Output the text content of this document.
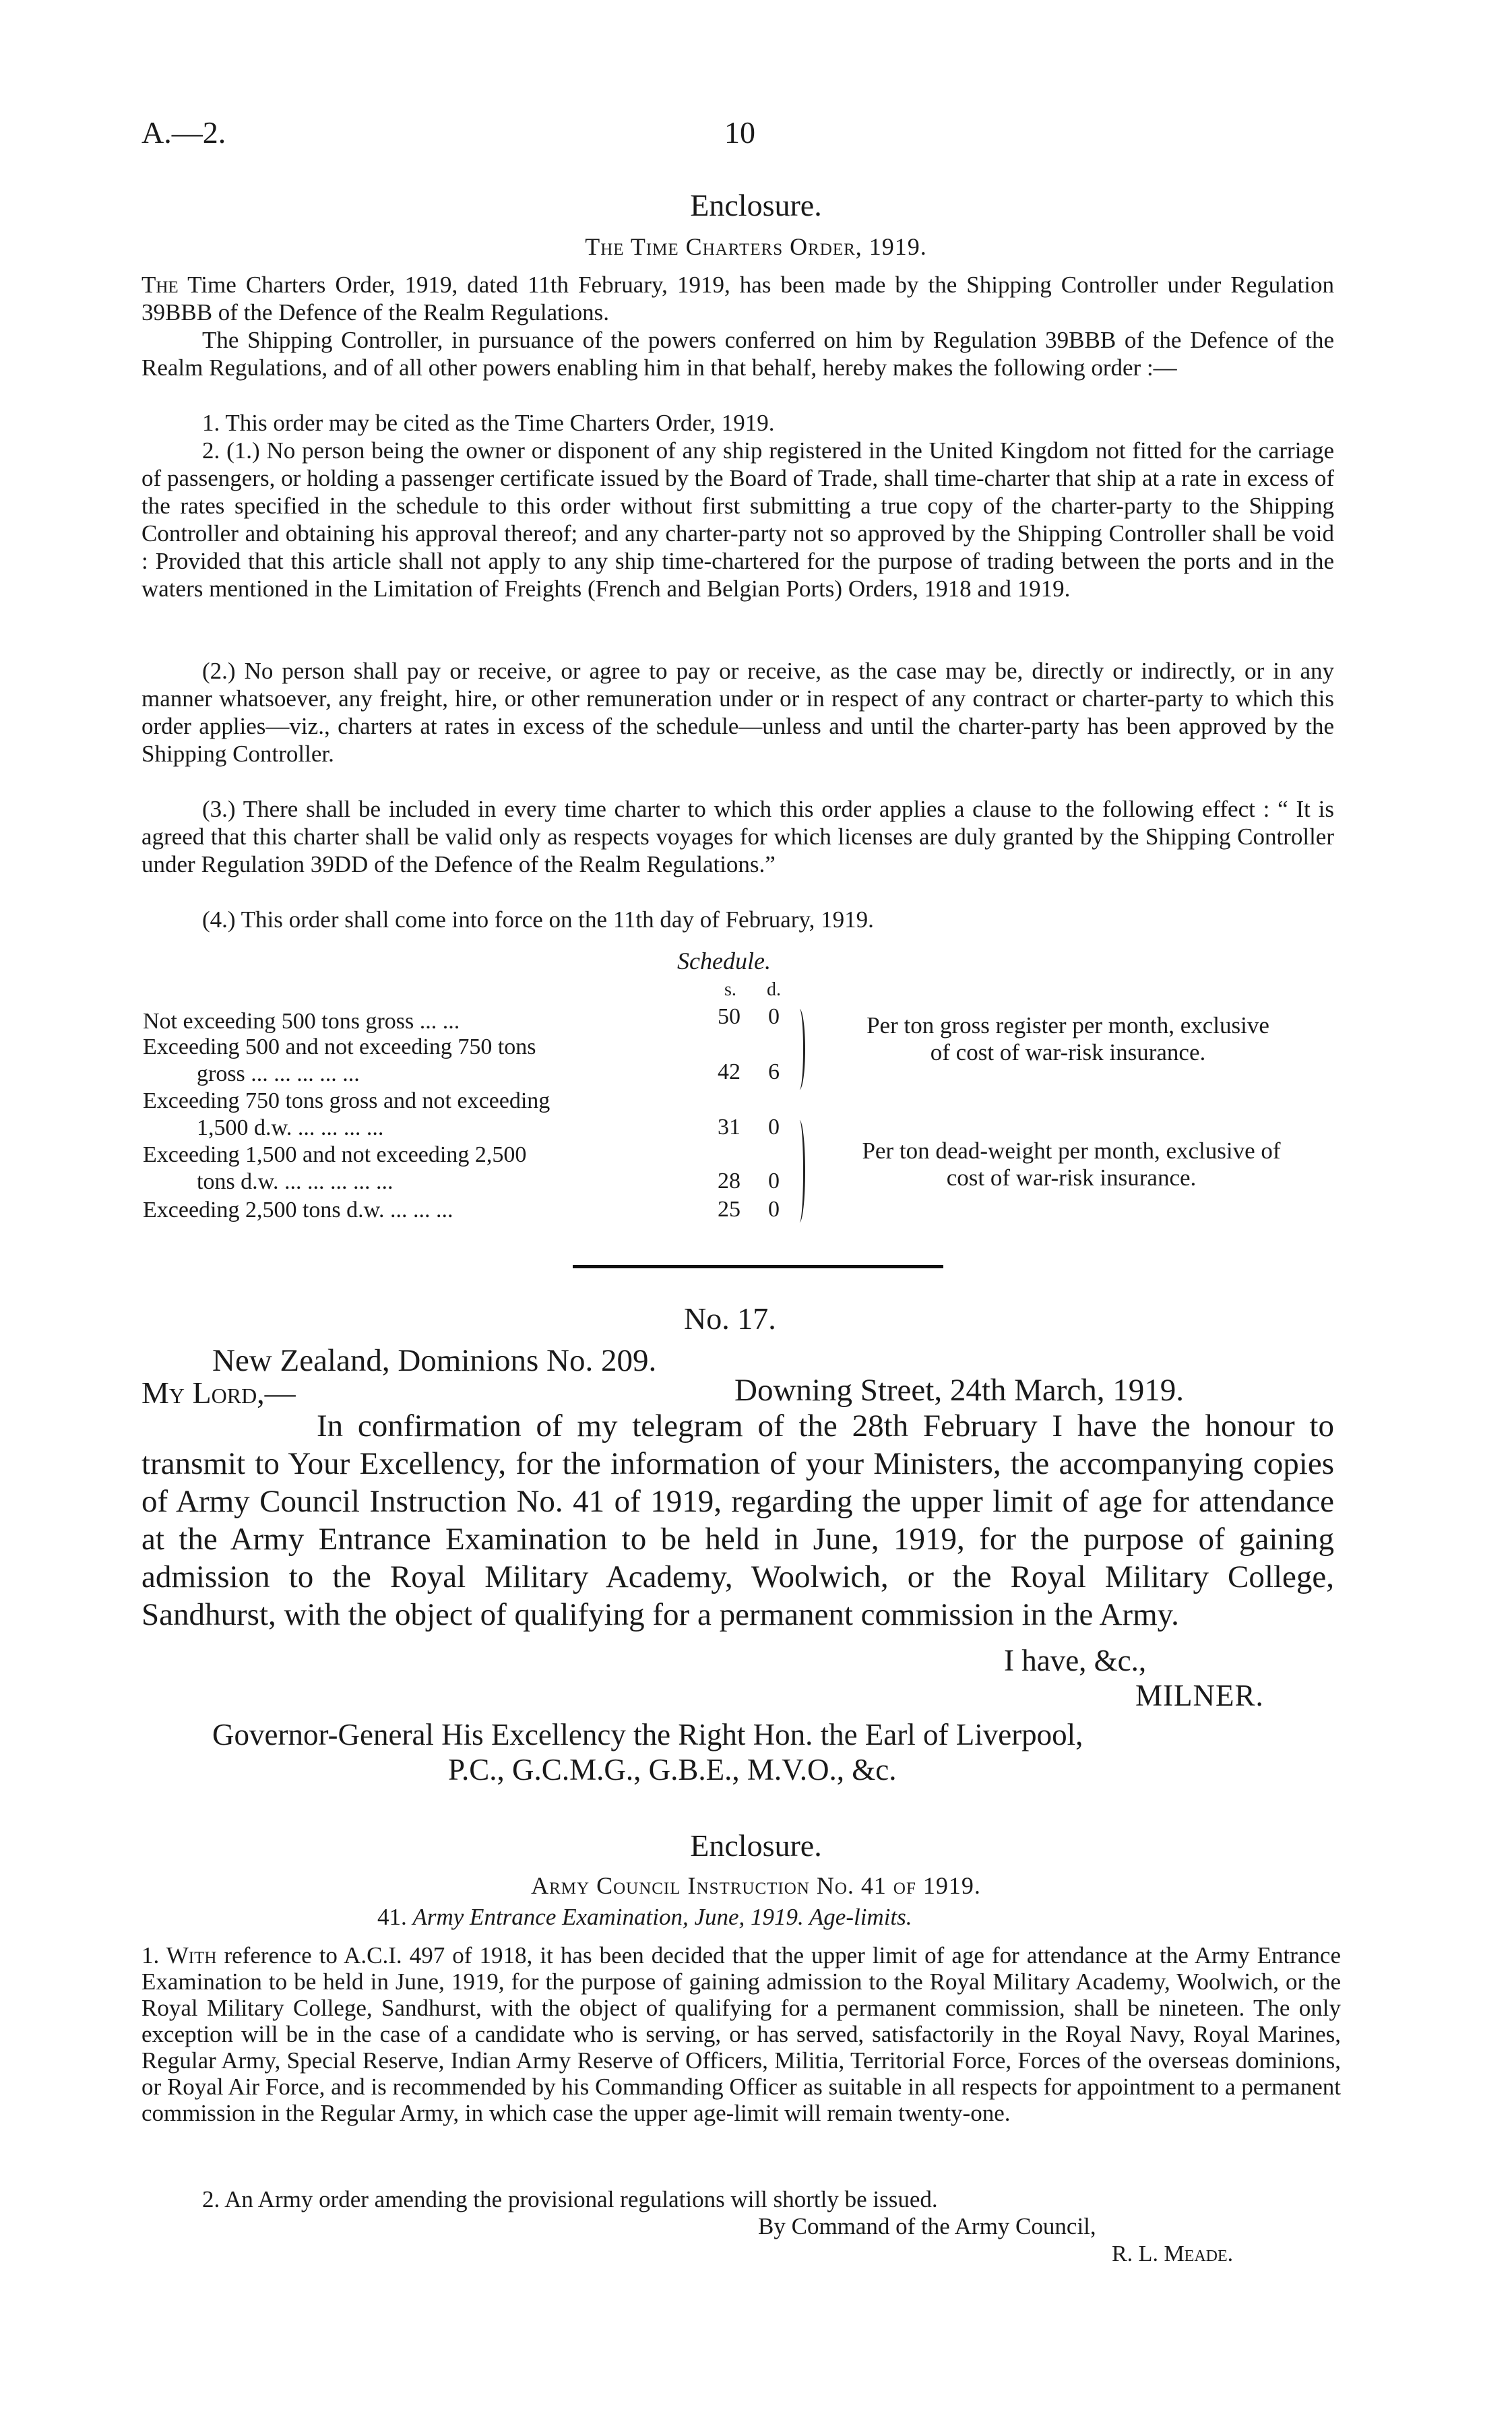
A.—2.	10
Enclosure.
The Time Charters Order, 1919.
The Time Charters Order, 1919, dated 11th February, 1919, has been made by the Shipping Controller under Regulation 39BBB of the Defence of the Realm Regulations.
The Shipping Controller, in pursuance of the powers conferred on him by Regulation 39BBB of the Defence of the Realm Regulations, and of all other powers enabling him in that behalf, hereby makes the following order :—
1. This order may be cited as the Time Charters Order, 1919.
2. (1.) No person being the owner or disponent of any ship registered in the United Kingdom not fitted for the carriage of passengers, or holding a passenger certificate issued by the Board of Trade, shall time-charter that ship at a rate in excess of the rates specified in the schedule to this order without first submitting a true copy of the charter-party to the Shipping Controller and obtaining his approval thereof; and any charter-party not so approved by the Shipping Controller shall be void : Provided that this article shall not apply to any ship time-chartered for the purpose of trading between the ports and in the waters mentioned in the Limitation of Freights (French and Belgian Ports) Orders, 1918 and 1919.
(2.) No person shall pay or receive, or agree to pay or receive, as the case may be, directly or indirectly, or in any manner whatsoever, any freight, hire, or other remuneration under or in respect of any contract or charter-party to which this order applies—viz., charters at rates in excess of the schedule—unless and until the charter-party has been approved by the Shipping Controller.
(3.) There shall be included in every time charter to which this order applies a clause to the following effect : “ It is agreed that this charter shall be valid only as respects voyages for which licenses are duly granted by the Shipping Controller under Regulation 39DD of the Defence of the Realm Regulations.”
(4.) This order shall come into force on the 11th day of February, 1919.
Schedule.
s. d.
Not exceeding 500 tons gross ... ...	50 0
Exceeding 500 and not exceeding 750 tons
gross ... ... ... ... ...	42 6
Exceeding 750 tons gross and not exceeding
1,500 d.w. ... ... ... ...	31 0
Exceeding 1,500 and not exceeding 2,500
tons d.w. ... ... ... ... ...	28 0
Exceeding 2,500 tons d.w. ... ... ...	25 0
Per ton gross register per month, exclusive
of cost of war-risk insurance.
Per ton dead-weight per month, exclusive of
cost of war-risk insurance.
No. 17.
New Zealand, Dominions No. 209.
My Lord,—	Downing Street, 24th March, 1919.
In confirmation of my telegram of the 28th February I have the honour to transmit to Your Excellency, for the information of your Ministers, the accompanying copies of Army Council Instruction No. 41 of 1919, regarding the upper limit of age for attendance at the Army Entrance Examination to be held in June, 1919, for the purpose of gaining admission to the Royal Military Academy, Woolwich, or the Royal Military College, Sandhurst, with the object of qualifying for a permanent commission in the Army.
I have, &c.,
MILNER.
Governor-General His Excellency the Right Hon. the Earl of Liverpool,
P.C., G.C.M.G., G.B.E., M.V.O., &c.
Enclosure.
Army Council Instruction No. 41 of 1919.
41. Army Entrance Examination, June, 1919. Age-limits.
1. With reference to A.C.I. 497 of 1918, it has been decided that the upper limit of age for attendance at the Army Entrance Examination to be held in June, 1919, for the purpose of gaining admission to the Royal Military Academy, Woolwich, or the Royal Military College, Sandhurst, with the object of qualifying for a permanent commission, shall be nineteen. The only exception will be in the case of a candidate who is serving, or has served, satisfactorily in the Royal Navy, Royal Marines, Regular Army, Special Reserve, Indian Army Reserve of Officers, Militia, Territorial Force, Forces of the overseas dominions, or Royal Air Force, and is recommended by his Commanding Officer as suitable in all respects for appointment to a permanent commission in the Regular Army, in which case the upper age-limit will remain twenty-one.
2. An Army order amending the provisional regulations will shortly be issued.
By Command of the Army Council,
R. L. Meade.
